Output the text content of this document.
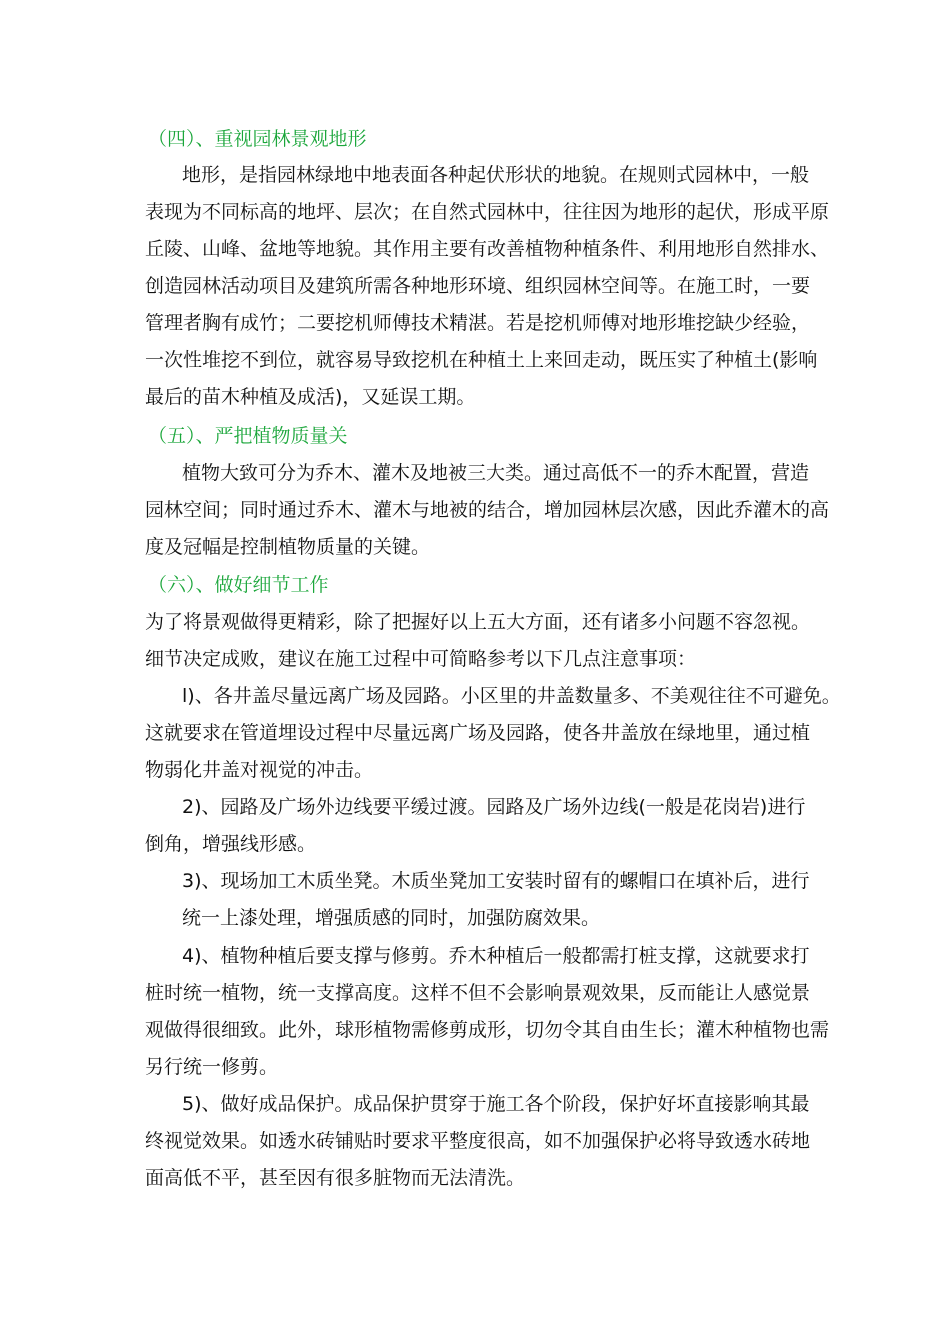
（四）、重视园林景观地形
地形，是指园林绿地中地表面各种起伏形状的地貌。在规则式园林中，一般
表现为不同标高的地坪、层次；在自然式园林中，往往因为地形的起伏，形成平原
丘陵、山峰、盆地等地貌。其作用主要有改善植物种植条件、利用地形自然排水、
创造园林活动项目及建筑所需各种地形环境、组织园林空间等。在施工时，一要
管理者胸有成竹；二要挖机师傅技术精湛。若是挖机师傅对地形堆挖缺少经验，
一次性堆挖不到位，就容易导致挖机在种植土上来回走动，既压实了种植土(影响
最后的苗木种植及成活)，又延误工期。
（五）、严把植物质量关
植物大致可分为乔木、灌木及地被三大类。通过高低不一的乔木配置，营造
园林空间；同时通过乔木、灌木与地被的结合，增加园林层次感，因此乔灌木的高
度及冠幅是控制植物质量的关键。
（六）、做好细节工作
为了将景观做得更精彩，除了把握好以上五大方面，还有诸多小问题不容忽视。
细节决定成败，建议在施工过程中可简略参考以下几点注意事项：
l)、各井盖尽量远离广场及园路。小区里的井盖数量多、不美观往往不可避免。
这就要求在管道埋设过程中尽量远离广场及园路，使各井盖放在绿地里，通过植
物弱化井盖对视觉的冲击。
2)、园路及广场外边线要平缓过渡。园路及广场外边线(一般是花岗岩)进行
倒角，增强线形感。
3)、现场加工木质坐凳。木质坐凳加工安装时留有的螺帽口在填补后，进行
统一上漆处理，增强质感的同时，加强防腐效果。
4)、植物种植后要支撑与修剪。乔木种植后一般都需打桩支撑，这就要求打
桩时统一植物，统一支撑高度。这样不但不会影响景观效果，反而能让人感觉景
观做得很细致。此外，球形植物需修剪成形，切勿令其自由生长；灌木种植物也需
另行统一修剪。
5)、做好成品保护。成品保护贯穿于施工各个阶段，保护好坏直接影响其最
终视觉效果。如透水砖铺贴时要求平整度很高，如不加强保护必将导致透水砖地
面高低不平，甚至因有很多脏物而无法清洗。
